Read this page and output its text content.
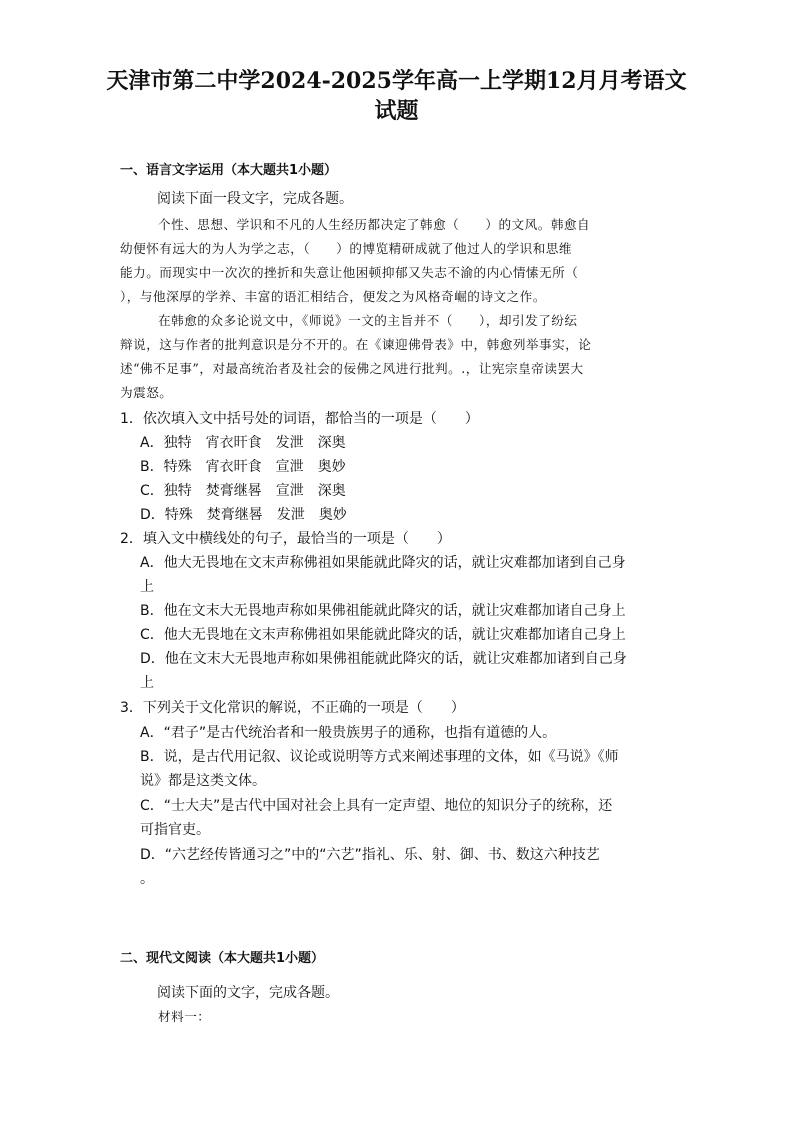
天津市第二中学2024-2025学年高一上学期12月月考语文
试题
一、语言文字运用（本大题共1小题）
阅读下面一段文字，完成各题。
个性、思想、学识和不凡的人生经历都决定了韩愈（　　）的文风。韩愈自
幼便怀有远大的为人为学之志，（　　）的博览精研成就了他过人的学识和思维
能力。而现实中一次次的挫折和失意让他困顿抑郁又失志不渝的内心情愫无所（
），与他深厚的学养、丰富的语汇相结合，便发之为风格奇崛的诗文之作。
在韩愈的众多论说文中，《师说》一文的主旨并不（　　），却引发了纷纭
辩说，这与作者的批判意识是分不开的。在《谏迎佛骨表》中，韩愈列举事实，论
述“佛不足事”，对最高统治者及社会的佞佛之风进行批判。.，让宪宗皇帝读罢大
为震怒。
1．依次填入文中括号处的词语，都恰当的一项是（　　）
A．独特　宵衣旰食　发泄　深奥
B．特殊　宵衣旰食　宣泄　奥妙
C．独特　焚膏继晷　宣泄　深奥
D．特殊　焚膏继晷　发泄　奥妙
2．填入文中横线处的句子，最恰当的一项是（　　）
A．他大无畏地在文末声称佛祖如果能就此降灾的话，就让灾难都加诸到自己身
上
B．他在文末大无畏地声称如果佛祖能就此降灾的话，就让灾难都加诸自己身上
C．他大无畏地在文末声称佛祖如果能就此降灾的话，就让灾难都加诸自己身上
D．他在文末大无畏地声称如果佛祖能就此降灾的话，就让灾难都加诸到自己身
上
3．下列关于文化常识的解说，不正确的一项是（　　）
A．“君子”是古代统治者和一般贵族男子的通称，也指有道德的人。
B．说，是古代用记叙、议论或说明等方式来阐述事理的文体，如《马说》《师
说》都是这类文体。
C．“士大夫”是古代中国对社会上具有一定声望、地位的知识分子的统称，还
可指官吏。
D．“六艺经传皆通习之”中的“六艺”指礼、乐、射、御、书、数这六种技艺
。
二、现代文阅读（本大题共1小题）
阅读下面的文字，完成各题。
材料一：
